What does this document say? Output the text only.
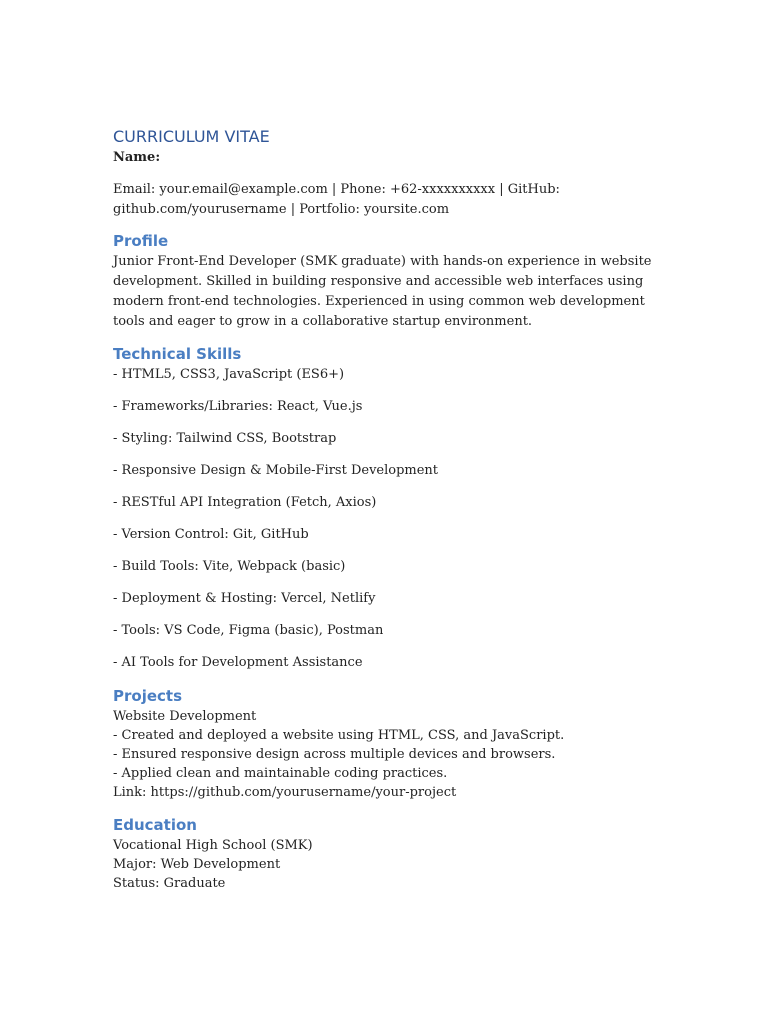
CURRICULUM VITAE

Name:

Email: your.email@example.com | Phone: +62-xxxxxxxxxx | GitHub:

github.com/yourusername | Portfolio: yoursite.com

Profile

Junior Front-End Developer (SMK graduate) with hands-on experience in website development. Skilled in building responsive and accessible web interfaces using modern front-end technologies. Experienced in using common web development tools and eager to grow in a collaborative startup environment.

Technical Skills
- HTML5, CSS3, JavaScript (ES6+)
- Frameworks/Libraries: React, Vue.js
- Styling: Tailwind CSS, Bootstrap
- Responsive Design & Mobile-First Development
- RESTful API Integration (Fetch, Axios)
- Version Control: Git, GitHub
- Build Tools: Vite, Webpack (basic)
- Deployment & Hosting: Vercel, Netlify
- Tools: VS Code, Figma (basic), Postman
- AI Tools for Development Assistance
Projects

Website Development

- Created and deployed a website using HTML, CSS, and JavaScript.

- Ensured responsive design across multiple devices and browsers.

- Applied clean and maintainable coding practices.

Link: https://github.com/yourusername/your-project

Education

Vocational High School (SMK)

Major: Web Development

Status: Graduate
